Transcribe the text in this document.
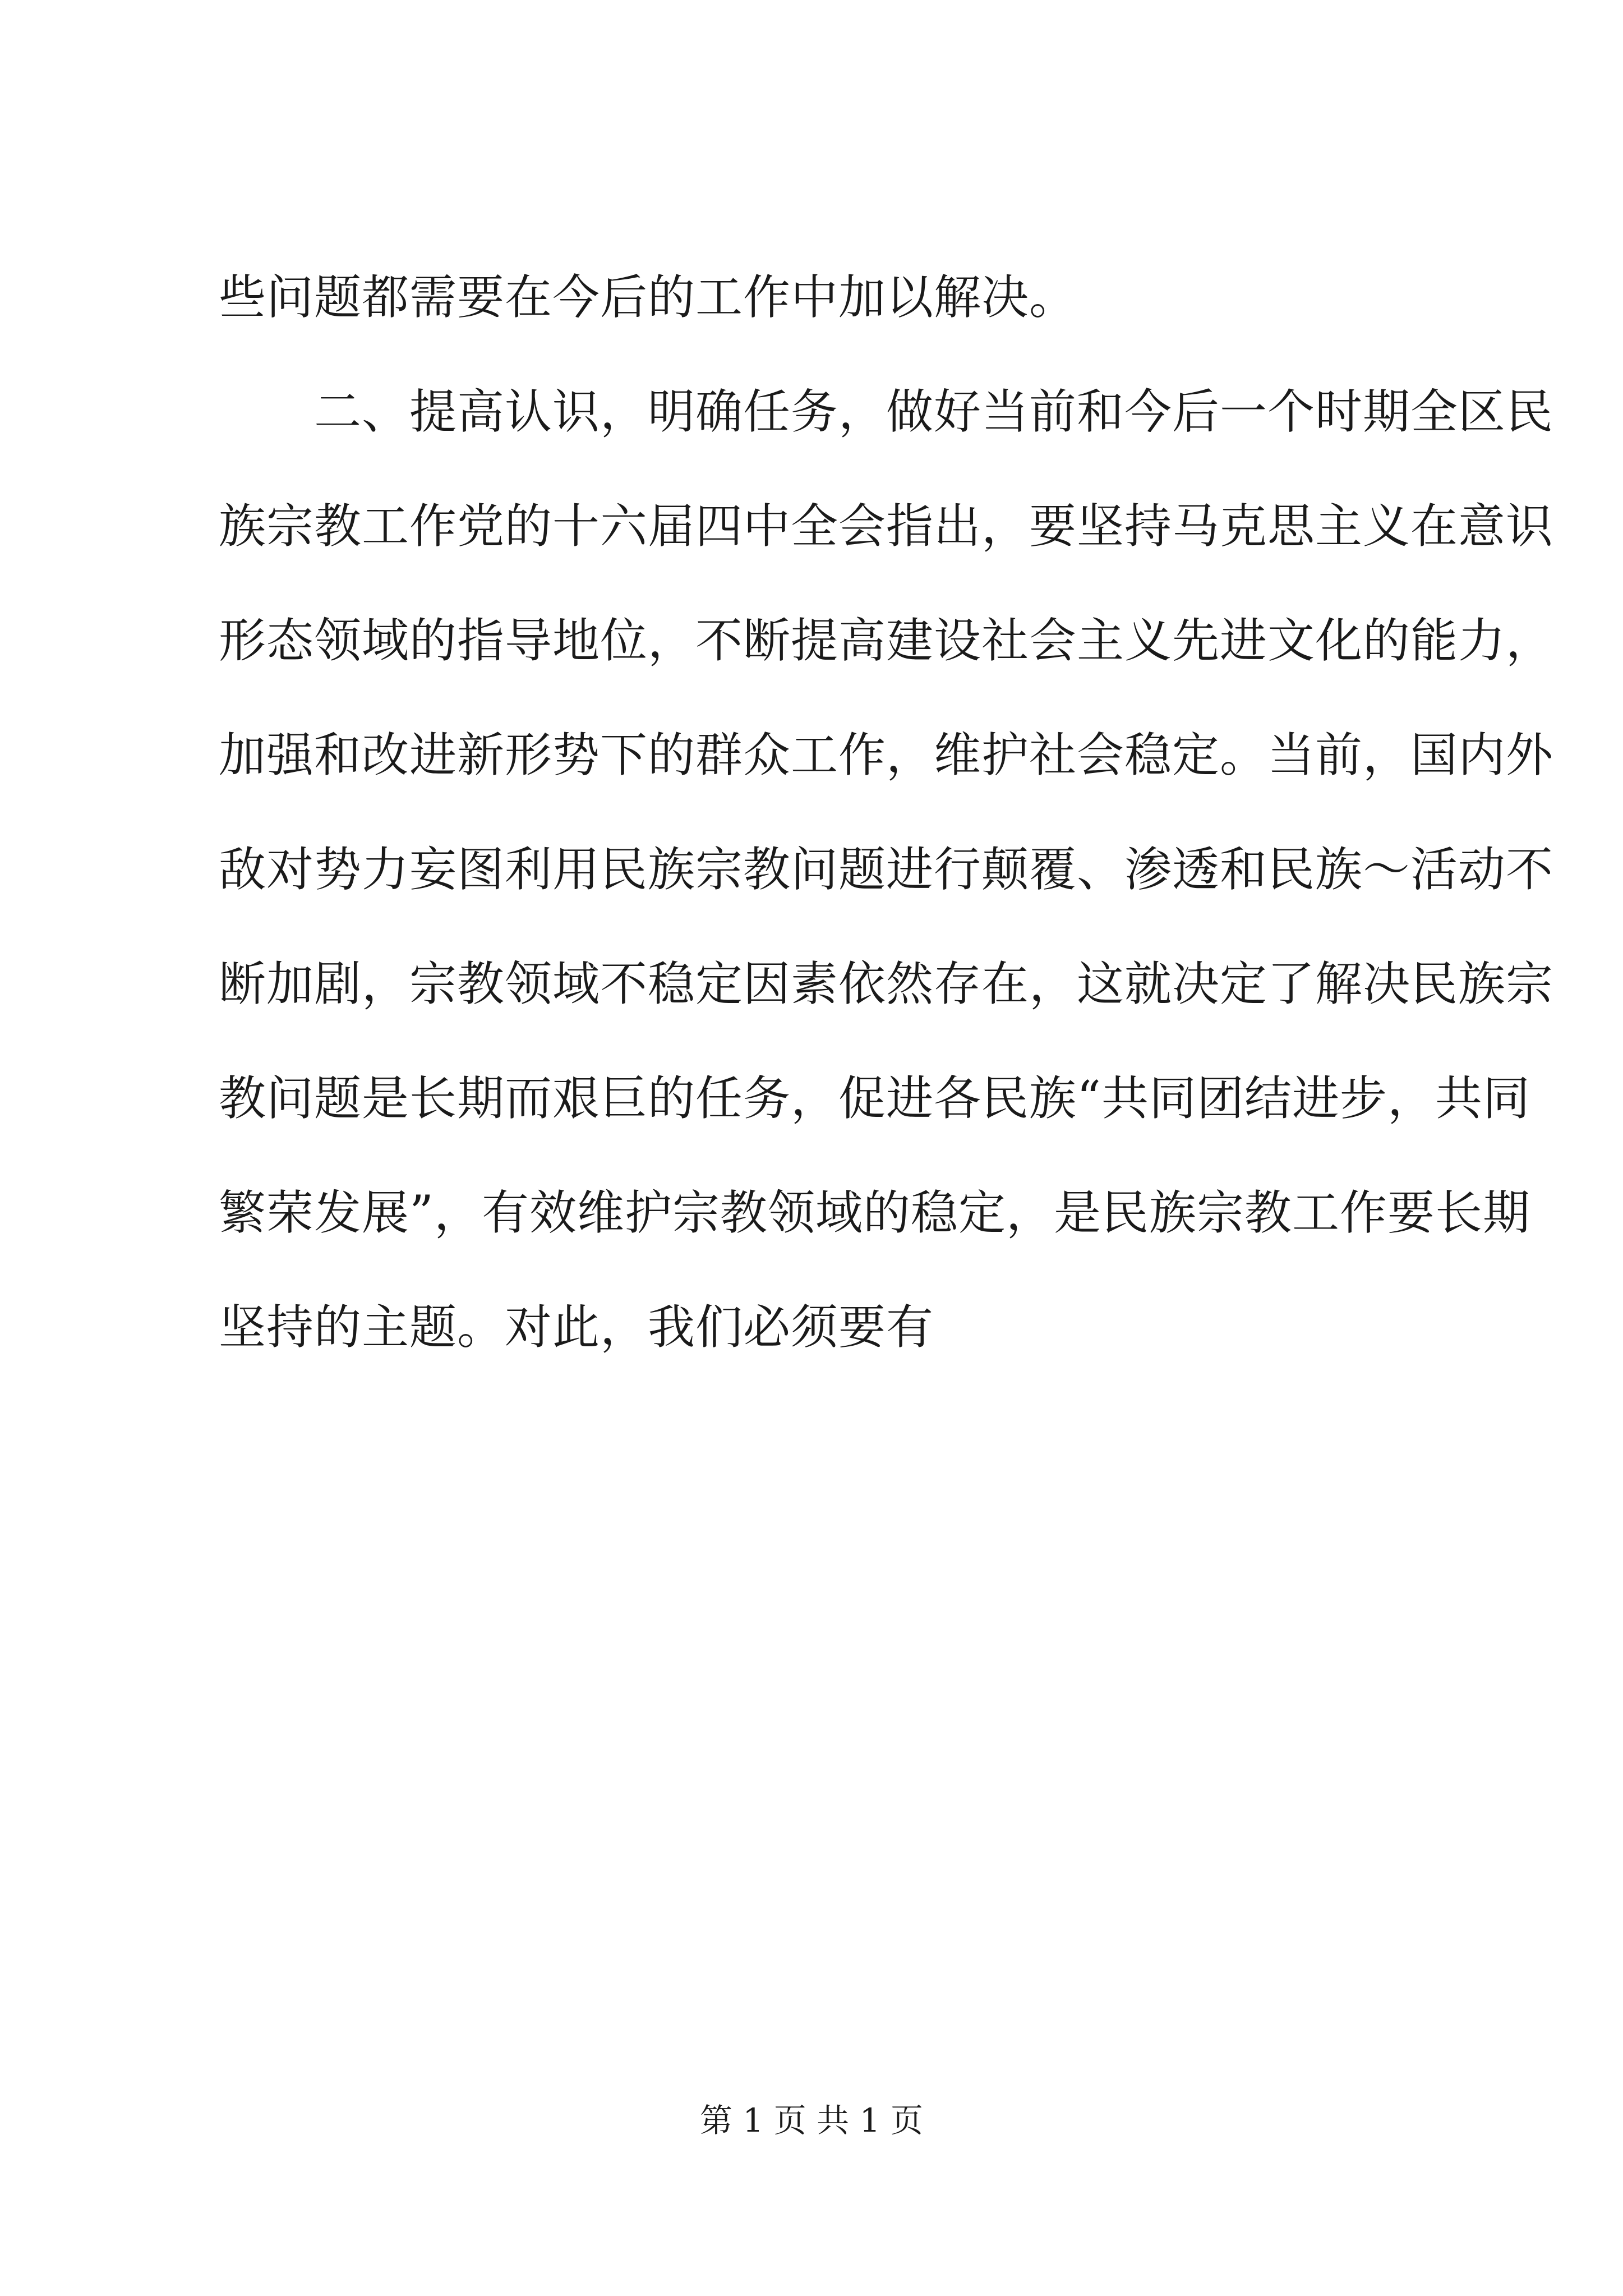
些问题都需要在今后的工作中加以解决。
　　二、提高认识，明确任务，做好当前和今后一个时期全区民
族宗教工作党的十六届四中全会指出，要坚持马克思主义在意识
形态领域的指导地位，不断提高建设社会主义先进文化的能力，
加强和改进新形势下的群众工作，维护社会稳定。当前，国内外
敌对势力妄图利用民族宗教问题进行颠覆、渗透和民族～活动不
断加剧，宗教领域不稳定因素依然存在，这就决定了解决民族宗
教问题是长期而艰巨的任务，促进各民族“共同团结进步，共同
繁荣发展”，有效维护宗教领域的稳定，是民族宗教工作要长期
坚持的主题。对此，我们必须要有
第 1 页 共 1 页
